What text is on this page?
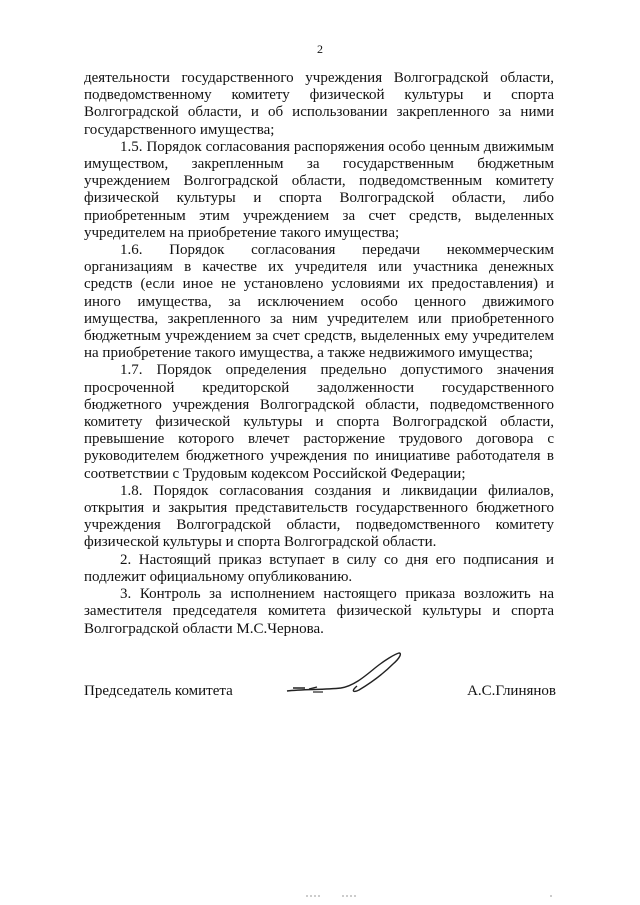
2

деятельности государственного учреждения Волгоградской области, подведомственному комитету физической культуры и спорта Волгоградской области, и об использовании закрепленного за ними государственного имущества;

1.5. Порядок согласования распоряжения особо ценным движимым имуществом, закрепленным за государственным бюджетным учреждением Волгоградской области, подведомственным комитету физической культуры и спорта Волгоградской области, либо приобретенным этим учреждением за счет средств, выделенных учредителем на приобретение такого имущества;

1.6. Порядок согласования передачи некоммерческим организациям в качестве их учредителя или участника денежных средств (если иное не установлено условиями их предоставления) и иного имущества, за исключением особо ценного движимого имущества, закрепленного за ним учредителем или приобретенного бюджетным учреждением за счет средств, выделенных ему учредителем на приобретение такого имущества, а также недвижимого имущества;

1.7. Порядок определения предельно допустимого значения просроченной кредиторской задолженности государственного бюджетного учреждения Волгоградской области, подведомственного комитету физической культуры и спорта Волгоградской области, превышение которого влечет расторжение трудового договора с руководителем бюджетного учреждения по инициативе работодателя в соответствии с Трудовым кодексом Российской Федерации;

1.8. Порядок согласования создания и ликвидации филиалов, открытия и закрытия представительств государственного бюджетного учреждения Волгоградской области, подведомственного комитету физической культуры и спорта Волгоградской области.

2. Настоящий приказ вступает в силу со дня его подписания и подлежит официальному опубликованию.

3. Контроль за исполнением настоящего приказа возложить на заместителя председателя комитета физической культуры и спорта Волгоградской области М.С.Чернова.

Председатель комитета	А.С.Глинянов
